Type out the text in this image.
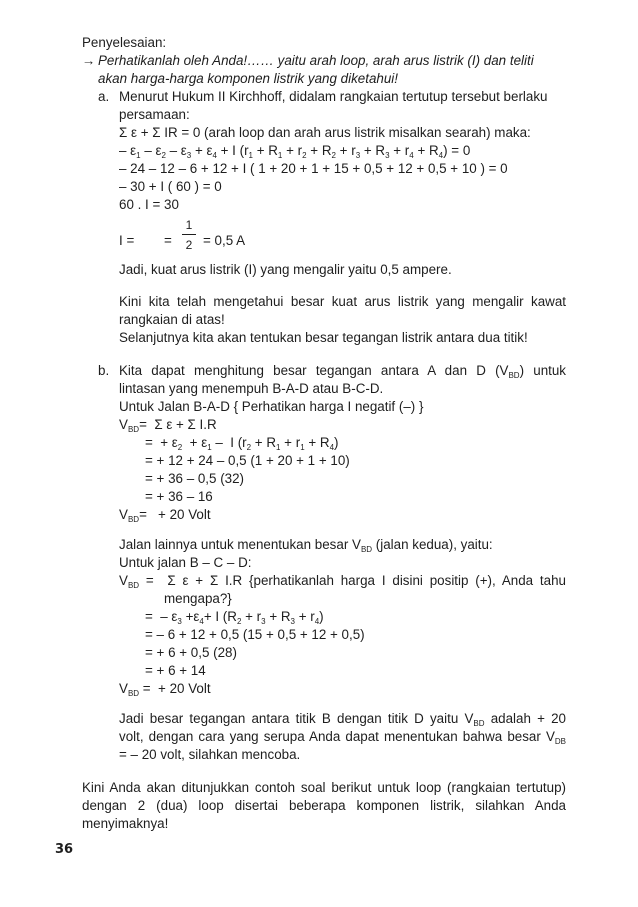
Penyelesaian:
→ Perhatikanlah oleh Anda!…… yaitu arah loop, arah arus listrik (I) dan teliti
akan harga-harga komponen listrik yang diketahui!
a. Menurut Hukum II Kirchhoff, didalam rangkaian tertutup tersebut berlaku
persamaan:
Σ ε + Σ IR = 0 (arah loop dan arah arus listrik misalkan searah) maka:
– $\varepsilon_1 - \varepsilon_2 - \varepsilon_3 + \varepsilon_4 + I$ $(r_1 + R_1 + r_2 + R_2 + r_3 + R_3 + r_4 + R_4) = 0$
– 24 – 12 – 6 + 12 + I ( 1 + 20 + 1 + 15 + 0,5 + 12 + 0,5 + 10 ) = 0
– 30 + I ( 60 ) = 0
60 . I = 30
I = =
1
2 = 0,5 A
Jadi, kuat arus listrik (I) yang mengalir yaitu 0,5 ampere.
Kini kita telah mengetahui besar kuat arus listrik yang mengalir kawat
rangkaian di atas!
Selanjutnya kita akan tentukan besar tegangan listrik antara dua titik!
b. Kita dapat menghitung besar tegangan antara A dan D $(V_{BD})$ untuk
lintasan yang menempuh B-A-D atau B-C-D.
Untuk Jalan B-A-D { Perhatikan harga I negatif (–) }
$V_{BD}= \Sigma$ ε + Σ I.R
=  + $\varepsilon_2 + \varepsilon_1 - I$ $(r_2 + R_1 + r_1 + R_4)$
= + 12 + 24 – 0,5 (1 + 20 + 1 + 10)
= + 36 – 0,5 (32)
= + 36 – 16
$V_{BD}= + 20$ Volt
Jalan lainnya untuk menentukan besar $V_{BD}$ (jalan kedua), yaitu:
Untuk jalan B – C – D:
$V_{BD} = \Sigma$ ε + Σ I.R {perhatikanlah harga I disini positip (+), Anda tahu
mengapa?}
=  – $\varepsilon_3 +\varepsilon_4+ I$ $(R_2 + r_3 + R_3 + r_4)$
= – 6 + 12 + 0,5 (15 + 0,5 + 12 + 0,5)
= + 6 + 0,5 (28)
= + 6 + 14
$V_{BD}$ =  + 20 Volt
Jadi besar tegangan antara titik B dengan titik D yaitu $V_{BD}$ adalah + 20
volt, dengan cara yang serupa Anda dapat menentukan bahwa besar $V_{DB}$
= – 20 volt, silahkan mencoba.
Kini Anda akan ditunjukkan contoh soal berikut untuk loop (rangkaian tertutup)
dengan 2 (dua) loop disertai beberapa komponen listrik, silahkan Anda
menyimaknya!
36
